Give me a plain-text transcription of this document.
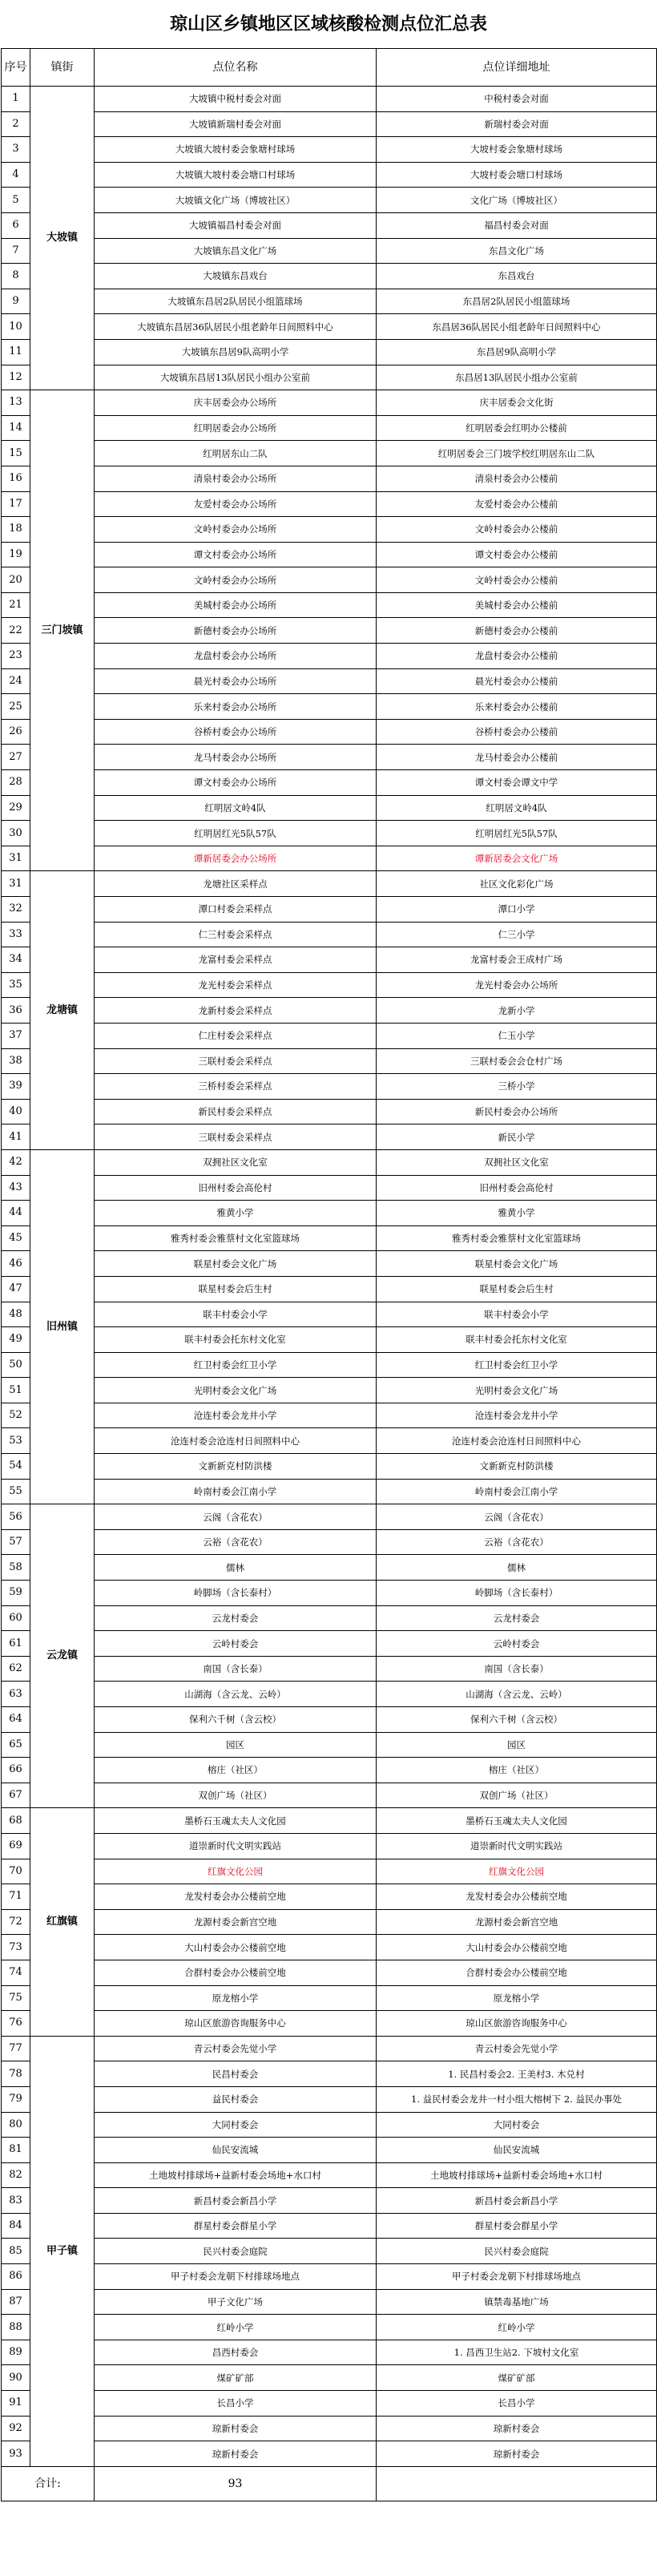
琼山区乡镇地区区域核酸检测点位汇总表
序号	镇街	点位名称	点位详细地址
1	大坡镇	大坡镇中税村委会对面	中税村委会对面
2		大坡镇新瑞村委会对面	新瑞村委会对面
3		大坡镇大坡村委会象塘村球场	大坡村委会象塘村球场
4		大坡镇大坡村委会塘口村球场	大坡村委会塘口村球场
5		大坡镇文化广场（博坡社区）	文化广场（博坡社区）
6		大坡镇福昌村委会对面	福昌村委会对面
7		大坡镇东昌文化广场	东昌文化广场
8		大坡镇东昌戏台	东昌戏台
9		大坡镇东昌居2队居民小组篮球场	东昌居2队居民小组篮球场
10		大坡镇东昌居36队居民小组老龄年日间照料中心	东昌居36队居民小组老龄年日间照料中心
11		大坡镇东昌居9队高明小学	东昌居9队高明小学
12		大坡镇东昌居13队居民小组办公室前	东昌居13队居民小组办公室前
13	三门坡镇	庆丰居委会办公场所	庆丰居委会文化街
14		红明居委会办公场所	红明居委会红明办公楼前
15		红明居东山二队	红明居委会三门坡学校红明居东山二队
16		清泉村委会办公场所	清泉村委会办公楼前
17		友爱村委会办公场所	友爱村委会办公楼前
18		文岭村委会办公场所	文岭村委会办公楼前
19		谭文村委会办公场所	谭文村委会办公楼前
20		文岭村委会办公场所	文岭村委会办公楼前
21		美城村委会办公场所	美城村委会办公楼前
22		新德村委会办公场所	新德村委会办公楼前
23		龙盘村委会办公场所	龙盘村委会办公楼前
24		晨光村委会办公场所	晨光村委会办公楼前
25		乐来村委会办公场所	乐来村委会办公楼前
26		谷桥村委会办公场所	谷桥村委会办公楼前
27		龙马村委会办公场所	龙马村委会办公楼前
28		谭文村委会办公场所	谭文村委会谭文中学
29		红明居文岭4队	红明居文岭4队
30		红明居红光5队57队	红明居红光5队57队
31		谭新居委会办公场所	谭新居委会文化广场
31	龙塘镇	龙塘社区采样点	社区文化彩化广场
32		潭口村委会采样点	潭口小学
33		仁三村委会采样点	仁三小学
34		龙富村委会采样点	龙富村委会王成村广场
35		龙光村委会采样点	龙光村委会办公场所
36		龙新村委会采样点	龙新小学
37		仁庄村委会采样点	仁玉小学
38		三联村委会采样点	三联村委会会仓村广场
39		三桥村委会采样点	三桥小学
40		新民村委会采样点	新民村委会办公场所
41		三联村委会采样点	新民小学
42	旧州镇	双拥社区文化室	双拥社区文化室
43		旧州村委会高伦村	旧州村委会高伦村
44		雅黄小学	雅黄小学
45		雅秀村委会雅蔡村文化室篮球场	雅秀村委会雅蔡村文化室篮球场
46		联星村委会文化广场	联星村委会文化广场
47		联星村委会后生村	联星村委会后生村
48		联丰村委会小学	联丰村委会小学
49		联丰村委会托东村文化室	联丰村委会托东村文化室
50		红卫村委会红卫小学	红卫村委会红卫小学
51		光明村委会文化广场	光明村委会文化广场
52		沧连村委会龙井小学	沧连村委会龙井小学
53		沧连村委会沧连村日间照料中心	沧连村委会沧连村日间照料中心
54		文新新克村防洪楼	文新新克村防洪楼
55		岭南村委会江南小学	岭南村委会江南小学
56	云龙镇	云阁（含花农）	云阁（含花农）
57		云裕（含花农）	云裕（含花农）
58		儒林	儒林
59		岭脚场（含长泰村）	岭脚场（含长泰村）
60		云龙村委会	云龙村委会
61		云岭村委会	云岭村委会
62		南国（含长泰）	南国（含长泰）
63		山湖海（含云龙、云岭）	山湖海（含云龙、云岭）
64		保利六千树（含云校）	保利六千树（含云校）
65		园区	园区
66		榕庄（社区）	榕庄（社区）
67		双创广场（社区）	双创广场（社区）
68	红旗镇	墨桥石玉魂太夫人文化园	墨桥石玉魂太夫人文化园
69		道崇新时代文明实践站	道崇新时代文明实践站
70		红旗文化公园	红旗文化公园
71		龙发村委会办公楼前空地	龙发村委会办公楼前空地
72		龙源村委会新宫空地	龙源村委会新宫空地
73		大山村委会办公楼前空地	大山村委会办公楼前空地
74		合群村委会办公楼前空地	合群村委会办公楼前空地
75		原龙榕小学	原龙榕小学
76		琼山区旅游咨询服务中心	琼山区旅游咨询服务中心
77	甲子镇	青云村委会先觉小学	青云村委会先觉小学
78		民昌村委会	1. 民昌村委会2. 王美村3. 木兑村
79		益民村委会	1. 益民村委会龙井一村小组大榕树下 2. 益民办事处
80		大同村委会	大同村委会
81		仙民安流城	仙民安流城
82		土地坡村排球场+益新村委会场地+水口村	土地坡村排球场+益新村委会场地+水口村
83		新昌村委会新昌小学	新昌村委会新昌小学
84		群星村委会群星小学	群星村委会群星小学
85		民兴村委会庭院	民兴村委会庭院
86		甲子村委会龙朝下村排球场地点	甲子村委会龙朝下村排球场地点
87		甲子文化广场	镇禁毒基地广场
88		红岭小学	红岭小学
89		昌西村委会	1. 昌西卫生站2. 下坡村文化室
90		煤矿矿部	煤矿矿部
91		长昌小学	长昌小学
92		琼新村委会	琼新村委会
93		琼新村委会	琼新村委会
合计:		93	
